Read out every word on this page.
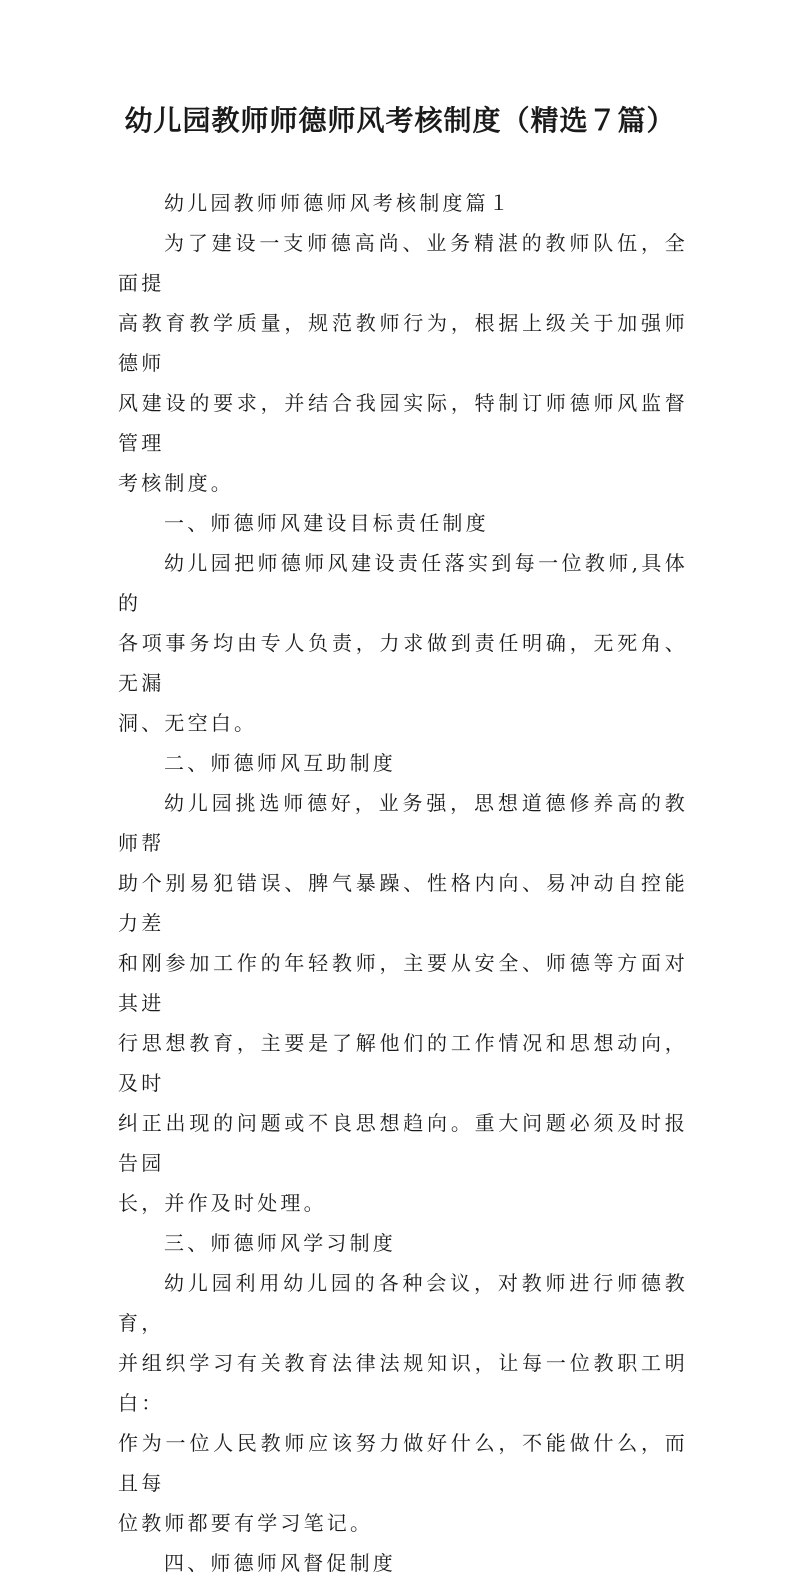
幼儿园教师师德师风考核制度（精选７篇）

幼儿园教师师德师风考核制度篇１

为了建设一支师德高尚、业务精湛的教师队伍，全面提
高教育教学质量，规范教师行为，根据上级关于加强师德师
风建设的要求，并结合我园实际，特制订师德师风监督管理
考核制度。

一、师德师风建设目标责任制度

幼儿园把师德师风建设责任落实到每一位教师,具体的
各项事务均由专人负责，力求做到责任明确，无死角、无漏
洞、无空白。

二、师德师风互助制度

幼儿园挑选师德好，业务强，思想道德修养高的教师帮
助个别易犯错误、脾气暴躁、性格内向、易冲动自控能力差
和刚参加工作的年轻教师，主要从安全、师德等方面对其进
行思想教育，主要是了解他们的工作情况和思想动向，及时
纠正出现的问题或不良思想趋向。重大问题必须及时报告园
长，并作及时处理。

三、师德师风学习制度

幼儿园利用幼儿园的各种会议，对教师进行师德教育，
并组织学习有关教育法律法规知识，让每一位教职工明白：
作为一位人民教师应该努力做好什么，不能做什么，而且每
位教师都要有学习笔记。

四、师德师风督促制度
